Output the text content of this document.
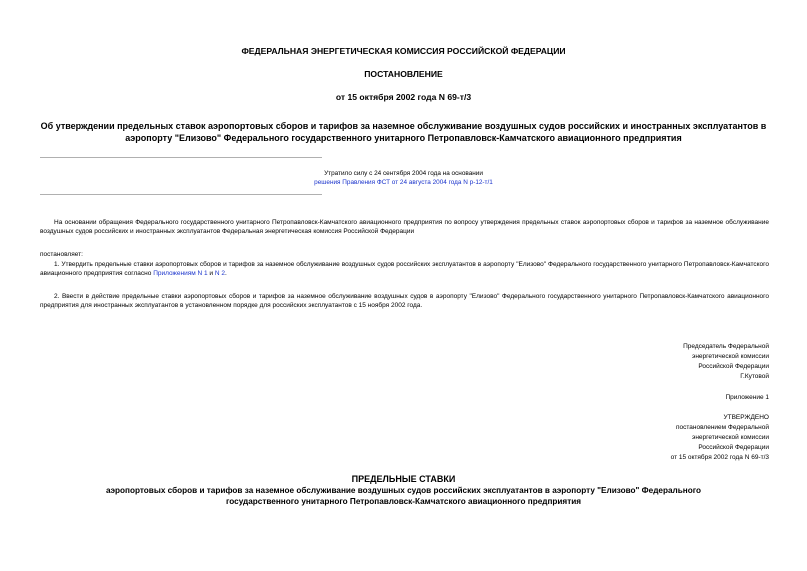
ФЕДЕРАЛЬНАЯ ЭНЕРГЕТИЧЕСКАЯ КОМИССИЯ РОССИЙСКОЙ ФЕДЕРАЦИИ
ПОСТАНОВЛЕНИЕ
от 15 октября 2002 года N 69-т/3
Об утверждении предельных ставок аэропортовых сборов и тарифов за наземное обслуживание воздушных судов российских и иностранных эксплуатантов в
аэропорту "Елизово" Федерального государственного унитарного Петропавловск-Камчатского авиационного предприятия
Утратило силу с 24 сентября 2004 года на основании
решения Правления ФСТ от 24 августа 2004 года N р-12-т/1
На основании обращения Федерального государственного унитарного Петропавловск-Камчатского авиационного предприятия по вопросу утверждения предельных ставок аэропортовых сборов и тарифов за наземное обслуживание воздушных судов российских и иностранных эксплуатантов Федеральная энергетическая комиссия Российской Федерации
постановляет:
1. Утвердить предельные ставки аэропортовых сборов и тарифов за наземное обслуживание воздушных судов российских эксплуатантов в аэропорту "Елизово" Федерального государственного унитарного Петропавловск-Камчатского авиационного предприятия согласно Приложениям N 1 и N 2.
2. Ввести в действие предельные ставки аэропортовых сборов и тарифов за наземное обслуживание воздушных судов в аэропорту "Елизово" Федерального государственного унитарного Петропавловск-Камчатского авиационного предприятия для иностранных эксплуатантов в установленном порядке для российских эксплуатантов с 15 ноября 2002 года.
Председатель Федеральной
энергетической комиссии
Российской Федерации
Г.Кутовой
Приложение 1
УТВЕРЖДЕНО
постановлением Федеральной
энергетической комиссии
Российской Федерации
от 15 октября 2002 года N 69-т/3
ПРЕДЕЛЬНЫЕ СТАВКИ
аэропортовых сборов и тарифов за наземное обслуживание воздушных судов российских эксплуатантов в аэропорту "Елизово" Федерального
государственного унитарного Петропавловск-Камчатского авиационного предприятия
